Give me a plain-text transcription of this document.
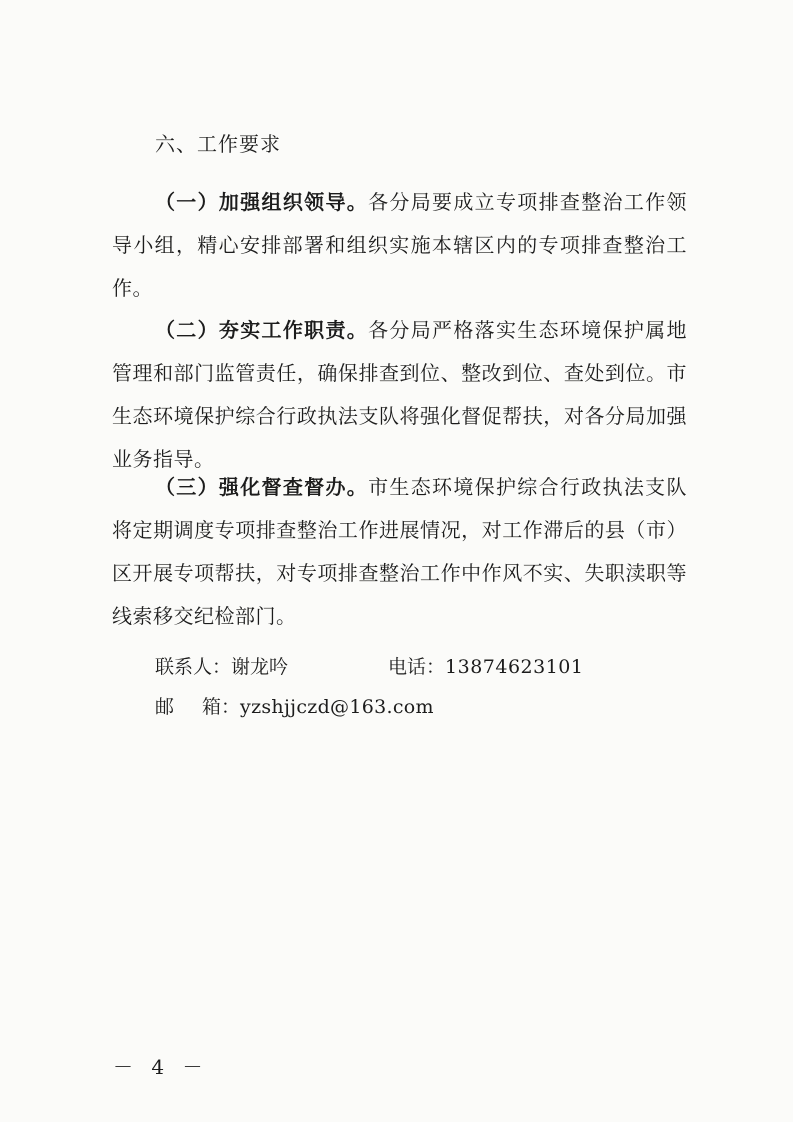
六、工作要求

（一）加强组织领导。各分局要成立专项排查整治工作领导小组，精心安排部署和组织实施本辖区内的专项排查整治工作。

（二）夯实工作职责。各分局严格落实生态环境保护属地管理和部门监管责任，确保排查到位、整改到位、查处到位。市生态环境保护综合行政执法支队将强化督促帮扶，对各分局加强业务指导。

（三）强化督查督办。市生态环境保护综合行政执法支队将定期调度专项排查整治工作进展情况，对工作滞后的县（市）区开展专项帮扶，对专项排查整治工作中作风不实、失职渎职等线索移交纪检部门。

联系人：谢龙吟	电话：13874623101
邮 箱：yzshjjczd@163.com
－ 4 －
